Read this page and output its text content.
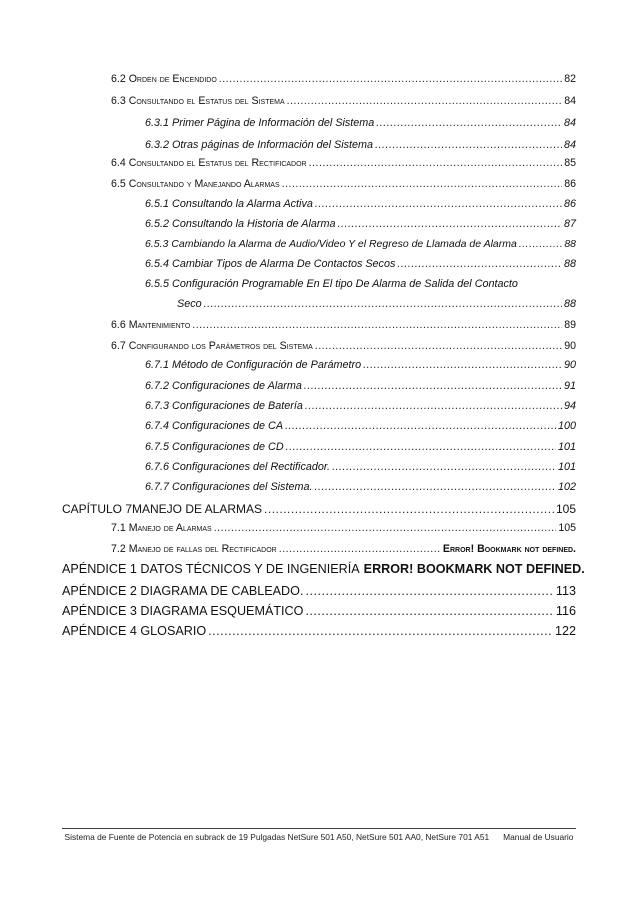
6.2 Orden de Encendido .....	82
6.3 Consultando el Estatus del Sistema .....	84
6.3.1 Primer Página de Información del Sistema .....	84
6.3.2 Otras páginas de Información del Sistema .....	84
6.4 Consultando el Estatus del Rectificador .....	85
6.5 Consultando y Manejando Alarmas .....	86
6.5.1 Consultando la Alarma Activa .....	86
6.5.2 Consultando la Historia de Alarma .....	87
6.5.3 Cambiando la Alarma de Audio/Video Y el Regreso de Llamada de Alarma .....	88
6.5.4 Cambiar Tipos de Alarma De Contactos Secos .....	88
6.5.5 Configuración Programable En El tipo De Alarma de Salida del Contacto
Seco .....	88
6.6 Mantenimiento .....	89
6.7 Configurando los Parámetros del Sistema .....	90
6.7.1 Método de Configuración de Parámetro .....	90
6.7.2 Configuraciones de Alarma .....	91
6.7.3 Configuraciones de Batería .....	94
6.7.4 Configuraciones de CA .....	100
6.7.5 Configuraciones de CD .....	101
6.7.6 Configuraciones del Rectificador. .....	101
6.7.7 Configuraciones del Sistema. .....	102
CAPÍTULO 7MANEJO DE ALARMAS .....	105
7.1 Manejo de Alarmas .....	105
7.2 Manejo de fallas del Rectificador .....	Error! Bookmark not defined.
APÉNDICE 1 DATOS TÉCNICOS Y DE INGENIERÍA ERROR! BOOKMARK NOT DEFINED.
APÉNDICE 2 DIAGRAMA DE CABLEADO. .....	113
APÉNDICE 3 DIAGRAMA ESQUEMÁTICO .....	116
APÉNDICE 4 GLOSARIO .....	122
Sistema de Fuente de Potencia en subrack de 19 Pulgadas NetSure 501 A50, NetSure 501 AA0, NetSure 701 A51 Manual de Usuario
